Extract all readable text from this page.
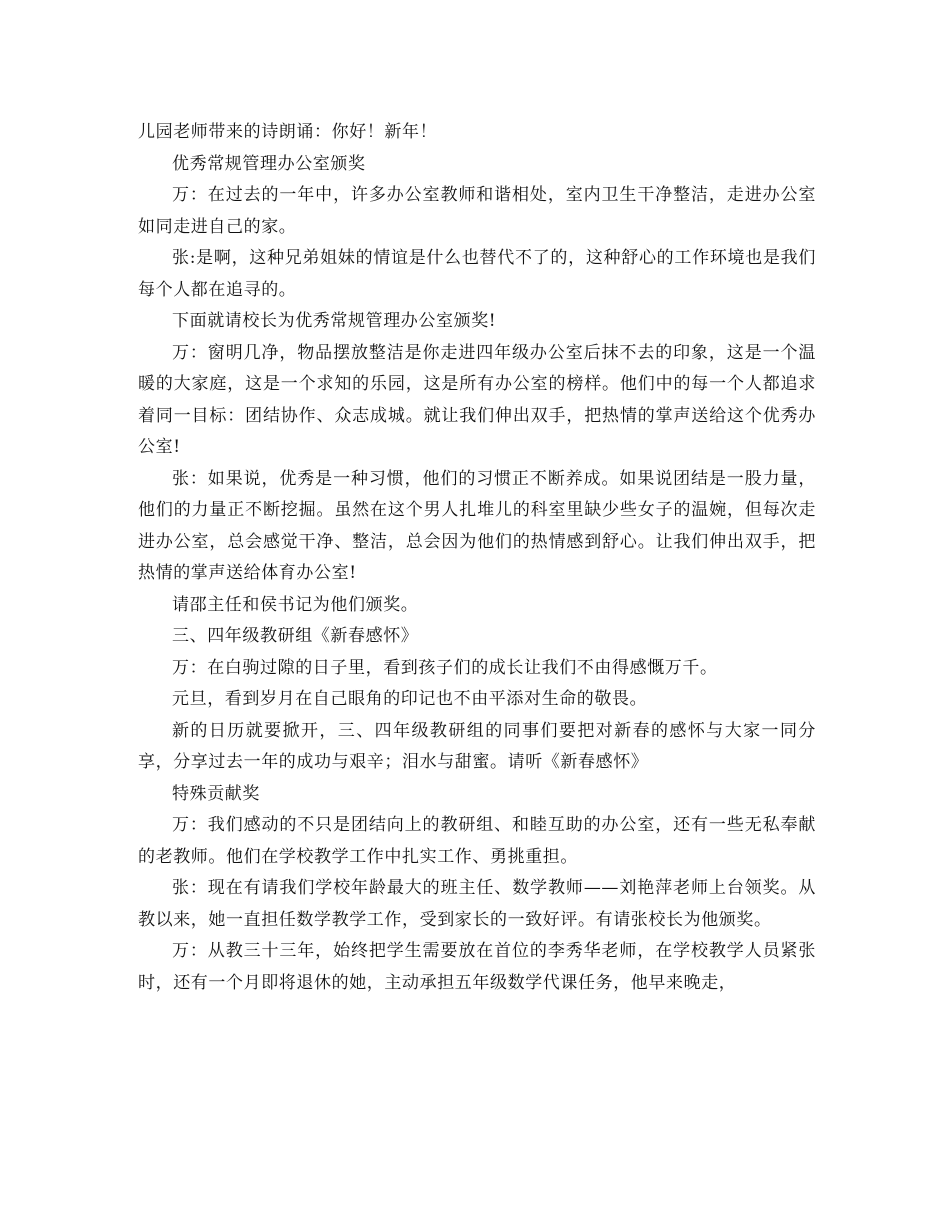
儿园老师带来的诗朗诵：你好！新年！

优秀常规管理办公室颁奖

万：在过去的一年中，许多办公室教师和谐相处，室内卫生干净整洁，走进办公室如同走进自己的家。

张:是啊，这种兄弟姐妹的情谊是什么也替代不了的，这种舒心的工作环境也是我们每个人都在追寻的。

下面就请校长为优秀常规管理办公室颁奖!

万：窗明几净，物品摆放整洁是你走进四年级办公室后抹不去的印象，这是一个温暖的大家庭，这是一个求知的乐园，这是所有办公室的榜样。他们中的每一个人都追求着同一目标：团结协作、众志成城。就让我们伸出双手，把热情的掌声送给这个优秀办公室!

张：如果说，优秀是一种习惯，他们的习惯正不断养成。如果说团结是一股力量，他们的力量正不断挖掘。虽然在这个男人扎堆儿的科室里缺少些女子的温婉，但每次走进办公室，总会感觉干净、整洁，总会因为他们的热情感到舒心。让我们伸出双手，把热情的掌声送给体育办公室!

请邵主任和侯书记为他们颁奖。

三、四年级教研组《新春感怀》

万：在白驹过隙的日子里，看到孩子们的成长让我们不由得感慨万千。

元旦，看到岁月在自己眼角的印记也不由平添对生命的敬畏。

新的日历就要掀开，三、四年级教研组的同事们要把对新春的感怀与大家一同分享，分享过去一年的成功与艰辛；泪水与甜蜜。请听《新春感怀》

特殊贡献奖

万：我们感动的不只是团结向上的教研组、和睦互助的办公室，还有一些无私奉献的老教师。他们在学校教学工作中扎实工作、勇挑重担。

张：现在有请我们学校年龄最大的班主任、数学教师——刘艳萍老师上台领奖。从教以来，她一直担任数学教学工作，受到家长的一致好评。有请张校长为他颁奖。

万：从教三十三年，始终把学生需要放在首位的李秀华老师，在学校教学人员紧张时，还有一个月即将退休的她，主动承担五年级数学代课任务，他早来晚走，
